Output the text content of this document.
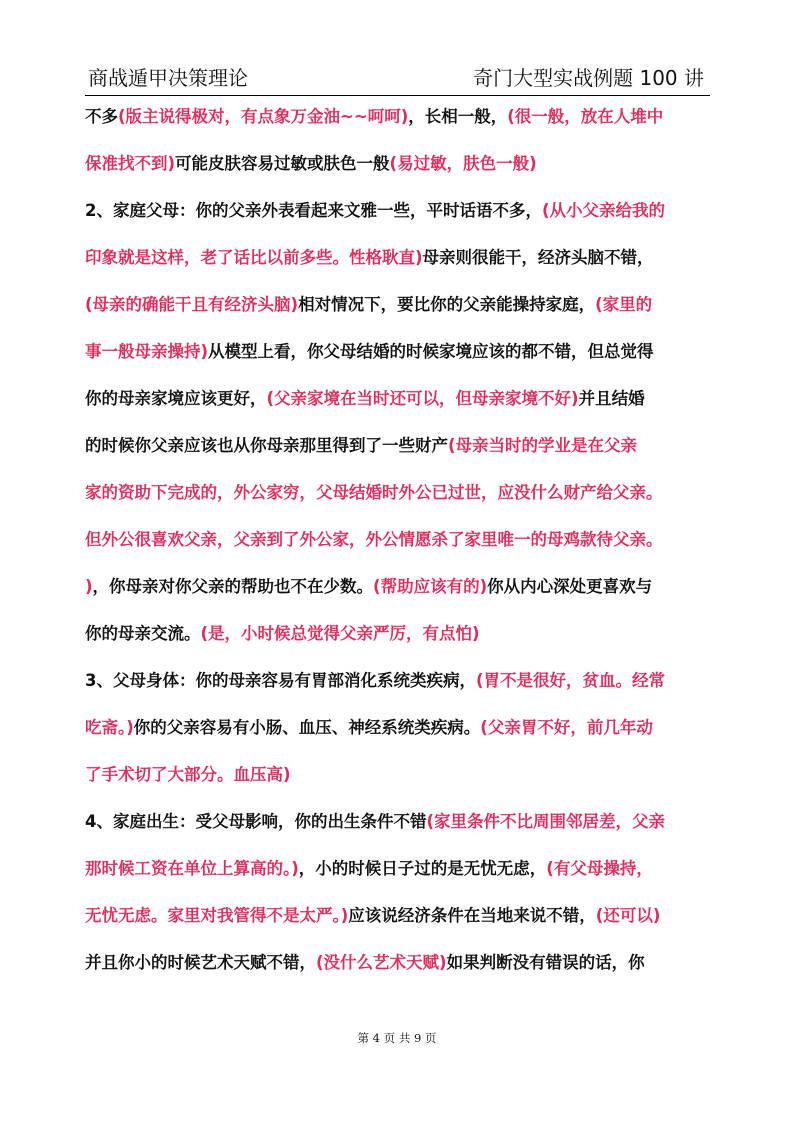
商战遁甲决策理论	奇门大型实战例题 100 讲
不多(版主说得极对，有点象万金油~~呵呵)，长相一般，(很一般，放在人堆中
保准找不到)可能皮肤容易过敏或肤色一般(易过敏，肤色一般)
2、家庭父母：你的父亲外表看起来文雅一些，平时话语不多，(从小父亲给我的
印象就是这样，老了话比以前多些。性格耿直)母亲则很能干，经济头脑不错，
(母亲的确能干且有经济头脑)相对情况下，要比你的父亲能操持家庭，(家里的
事一般母亲操持)从模型上看，你父母结婚的时候家境应该的都不错，但总觉得
你的母亲家境应该更好，(父亲家境在当时还可以，但母亲家境不好)并且结婚
的时候你父亲应该也从你母亲那里得到了一些财产(母亲当时的学业是在父亲
家的资助下完成的，外公家穷，父母结婚时外公已过世，应没什么财产给父亲。
但外公很喜欢父亲，父亲到了外公家，外公情愿杀了家里唯一的母鸡款待父亲。
)，你母亲对你父亲的帮助也不在少数。(帮助应该有的)你从内心深处更喜欢与
你的母亲交流。(是，小时候总觉得父亲严厉，有点怕)
3、父母身体：你的母亲容易有胃部消化系统类疾病，(胃不是很好，贫血。经常
吃斋。)你的父亲容易有小肠、血压、神经系统类疾病。(父亲胃不好，前几年动
了手术切了大部分。血压高)
4、家庭出生：受父母影响，你的出生条件不错(家里条件不比周围邻居差，父亲
那时候工资在单位上算高的。)，小的时候日子过的是无忧无虑，(有父母操持，
无忧无虑。家里对我管得不是太严。)应该说经济条件在当地来说不错，(还可以)
并且你小的时候艺术天赋不错，(没什么艺术天赋)如果判断没有错误的话，你
第 4 页 共 9 页
